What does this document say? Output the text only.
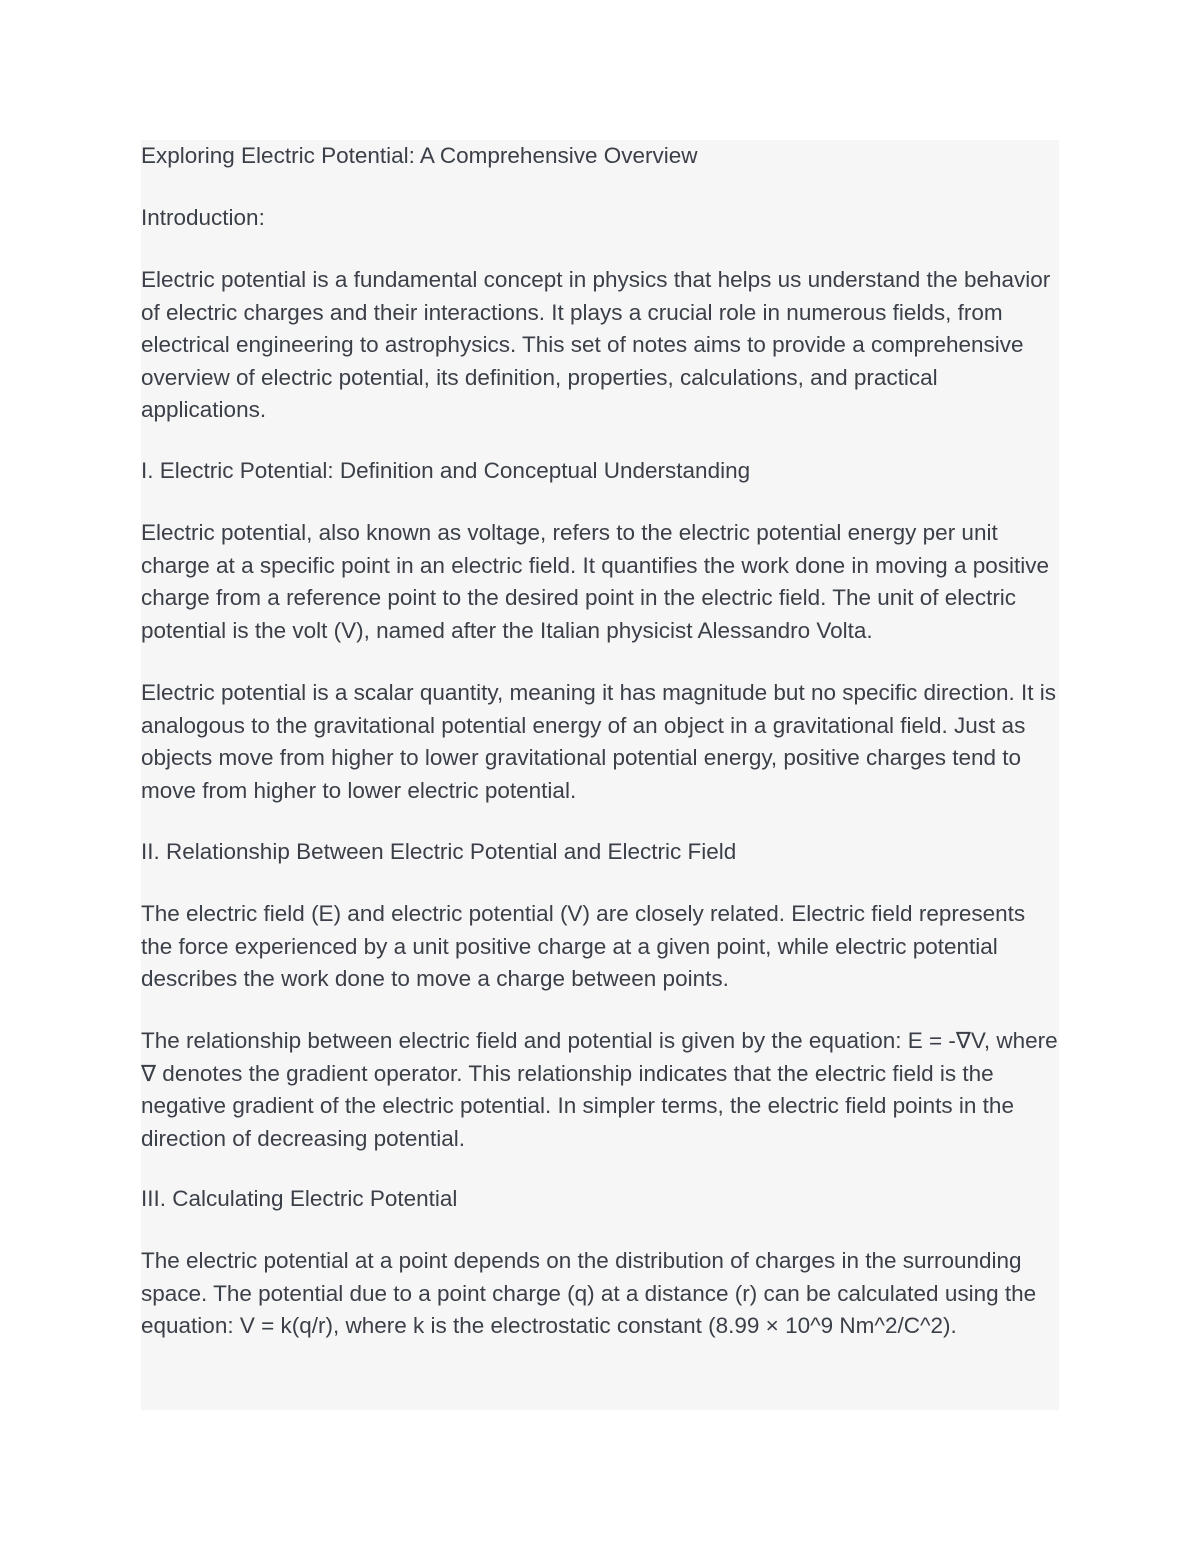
Exploring Electric Potential: A Comprehensive Overview

Introduction:

Electric potential is a fundamental concept in physics that helps us understand the behavior of electric charges and their interactions. It plays a crucial role in numerous fields, from electrical engineering to astrophysics. This set of notes aims to provide a comprehensive overview of electric potential, its definition, properties, calculations, and practical applications.

I. Electric Potential: Definition and Conceptual Understanding

Electric potential, also known as voltage, refers to the electric potential energy per unit charge at a specific point in an electric field. It quantifies the work done in moving a positive charge from a reference point to the desired point in the electric field. The unit of electric potential is the volt (V), named after the Italian physicist Alessandro Volta.

Electric potential is a scalar quantity, meaning it has magnitude but no specific direction. It is analogous to the gravitational potential energy of an object in a gravitational field. Just as objects move from higher to lower gravitational potential energy, positive charges tend to move from higher to lower electric potential.

II. Relationship Between Electric Potential and Electric Field

The electric field (E) and electric potential (V) are closely related. Electric field represents the force experienced by a unit positive charge at a given point, while electric potential describes the work done to move a charge between points.

The relationship between electric field and potential is given by the equation: E = -∇V, where ∇ denotes the gradient operator. This relationship indicates that the electric field is the negative gradient of the electric potential. In simpler terms, the electric field points in the direction of decreasing potential.

III. Calculating Electric Potential

The electric potential at a point depends on the distribution of charges in the surrounding space. The potential due to a point charge (q) at a distance (r) can be calculated using the equation: V = k(q/r), where k is the electrostatic constant (8.99 × 10^9 Nm^2/C^2).
